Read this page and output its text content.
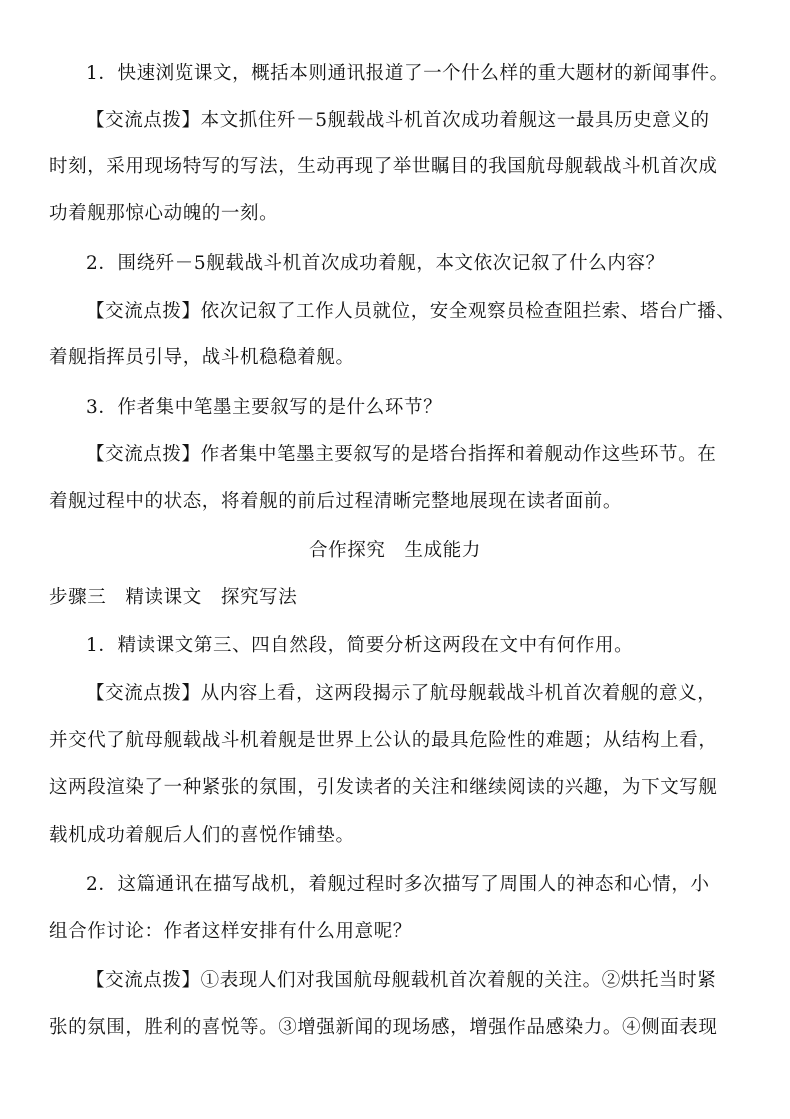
1．快速浏览课文，概括本则通讯报道了一个什么样的重大题材的新闻事件。
【交流点拨】本文抓住歼－5舰载战斗机首次成功着舰这一最具历史意义的
时刻，采用现场特写的写法，生动再现了举世瞩目的我国航母舰载战斗机首次成
功着舰那惊心动魄的一刻。
2．围绕歼－5舰载战斗机首次成功着舰，本文依次记叙了什么内容？
【交流点拨】依次记叙了工作人员就位，安全观察员检查阻拦索、塔台广播、
着舰指挥员引导，战斗机稳稳着舰。
3．作者集中笔墨主要叙写的是什么环节？
【交流点拨】作者集中笔墨主要叙写的是塔台指挥和着舰动作这些环节。在
着舰过程中的状态，将着舰的前后过程清晰完整地展现在读者面前。
合作探究　生成能力
步骤三　精读课文　探究写法
1．精读课文第三、四自然段，简要分析这两段在文中有何作用。
【交流点拨】从内容上看，这两段揭示了航母舰载战斗机首次着舰的意义，
并交代了航母舰载战斗机着舰是世界上公认的最具危险性的难题；从结构上看，
这两段渲染了一种紧张的氛围，引发读者的关注和继续阅读的兴趣，为下文写舰
载机成功着舰后人们的喜悦作铺垫。
2．这篇通讯在描写战机，着舰过程时多次描写了周围人的神态和心情，小
组合作讨论：作者这样安排有什么用意呢？
【交流点拨】①表现人们对我国航母舰载机首次着舰的关注。②烘托当时紧
张的氛围，胜利的喜悦等。③增强新闻的现场感，增强作品感染力。④侧面表现
